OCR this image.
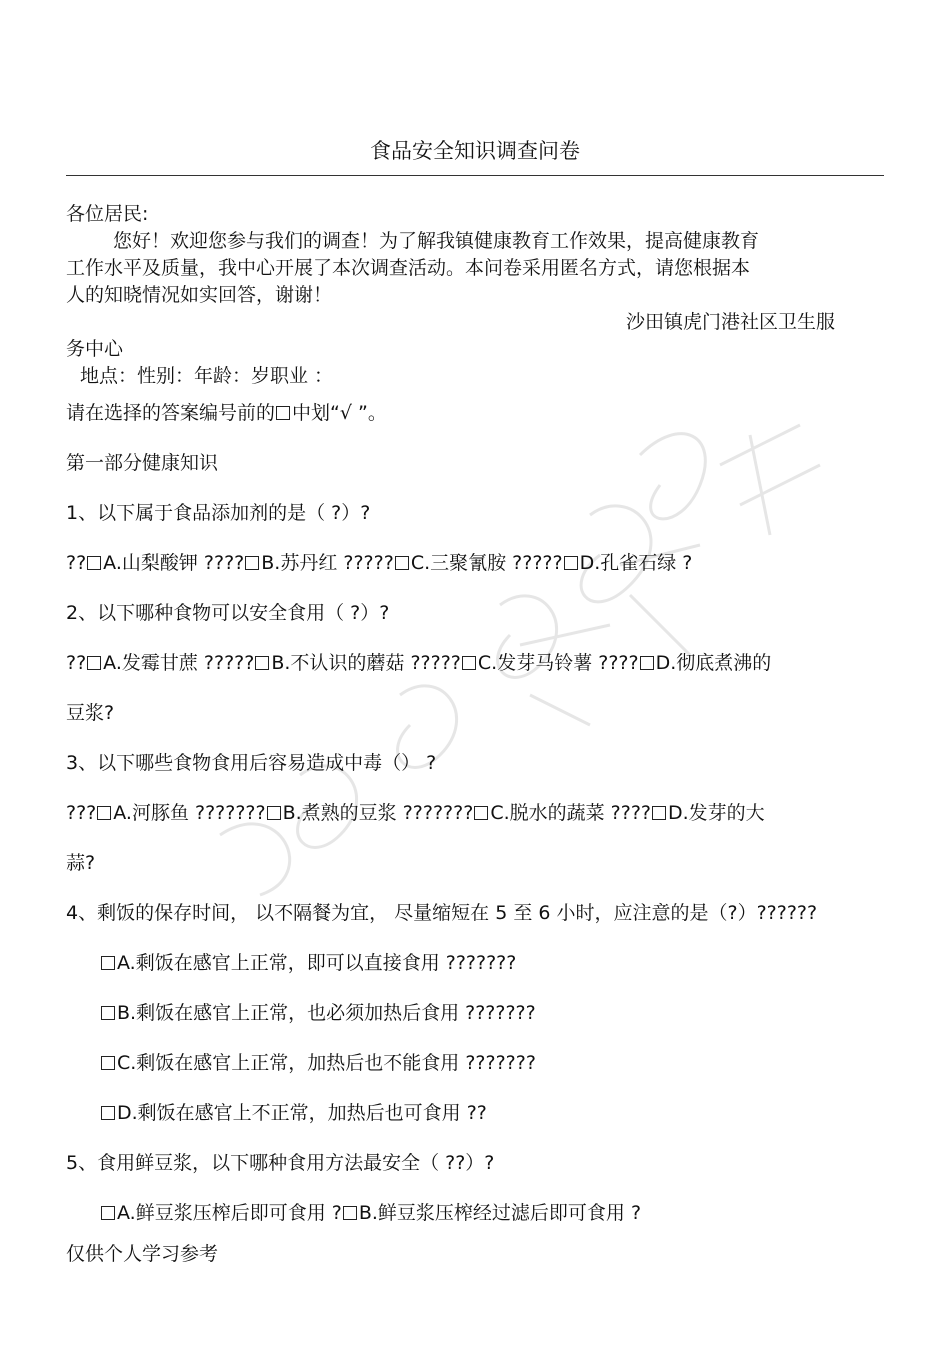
食品安全知识调查问卷
各位居民:
您好！欢迎您参与我们的调查！为了解我镇健康教育工作效果，提高健康教育
工作水平及质量，我中心开展了本次调查活动。本问卷采用匿名方式，请您根据本
人的知晓情况如实回答，谢谢！
沙田镇虎门港社区卫生服
务中心
地点：性别：年龄：岁职业 ：
请在选择的答案编号前的 中划“√ ”。
第一部分健康知识
1、以下属于食品添加剂的是（ ?）?
?? A.山梨酸钾 ???? B.苏丹红 ????? C.三聚氰胺 ????? D.孔雀石绿 ?
2、以下哪种食物可以安全食用（ ?）?
?? A.发霉甘蔗 ????? B.不认识的蘑菇 ????? C.发芽马铃薯 ???? D.彻底煮沸的
豆浆?
3、以下哪些食物食用后容易造成中毒（） ?
??? A.河豚鱼 ??????? B.煮熟的豆浆 ??????? C.脱水的蔬菜 ???? D.发芽的大
蒜?
4、剩饭的保存时间， 以不隔餐为宜， 尽量缩短在 5 至 6 小时，应注意的是（?）??????
A.剩饭在感官上正常，即可以直接食用 ???????
B.剩饭在感官上正常，也必须加热后食用 ???????
C.剩饭在感官上正常，加热后也不能食用 ???????
D.剩饭在感官上不正常，加热后也可食用 ??
5、食用鲜豆浆，以下哪种食用方法最安全（ ??）?
A.鲜豆浆压榨后即可食用 ? B.鲜豆浆压榨经过滤后即可食用 ?
仅供个人学习参考
